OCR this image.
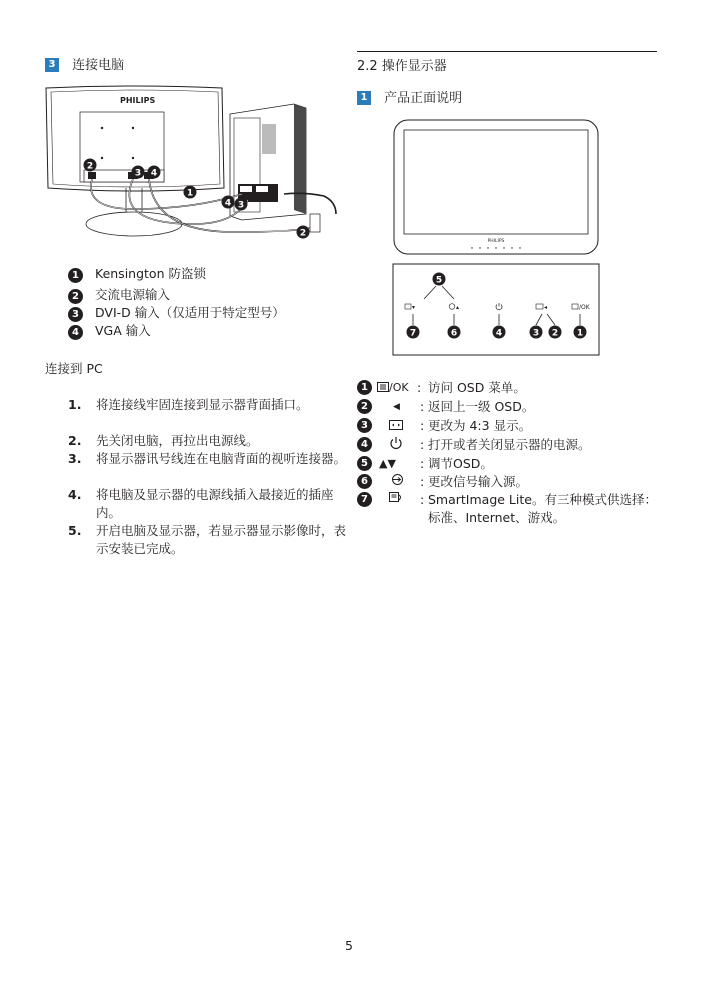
3 连接电脑
PHILIPS
2
3 4
1
4 3
2
1 Kensington 防盗锁
2 交流电源输入
3 DVI-D 输入（仅适用于特定型号）
4 VGA 输入
连接到 PC
1. 将连接线牢固连接到显示器背面插口。
2. 先关闭电脑，再拉出电源线。
3. 将显示器讯号线连在电脑背面的视听连接器。
4. 将电脑及显示器的电源线插入最接近的插座内。
5. 开启电脑及显示器，若显示器显示影像时，表示安装已完成。
2.2 操作显示器
1 产品正面说明
PHILIPS
5
▾	▴	◂	/OK
7	6	4	3 2 1
1	/OK : 访问 OSD 菜单。
2	◀	: 返回上一级 OSD。
3	: 更改为 4:3 显示。
4	: 打开或者关闭显示器的电源。
5	▲▼	: 调节OSD。
6	: 更改信号输入源。
7	: SmartImage Lite。有三种模式供选择：标准、Internet、游戏。
5
